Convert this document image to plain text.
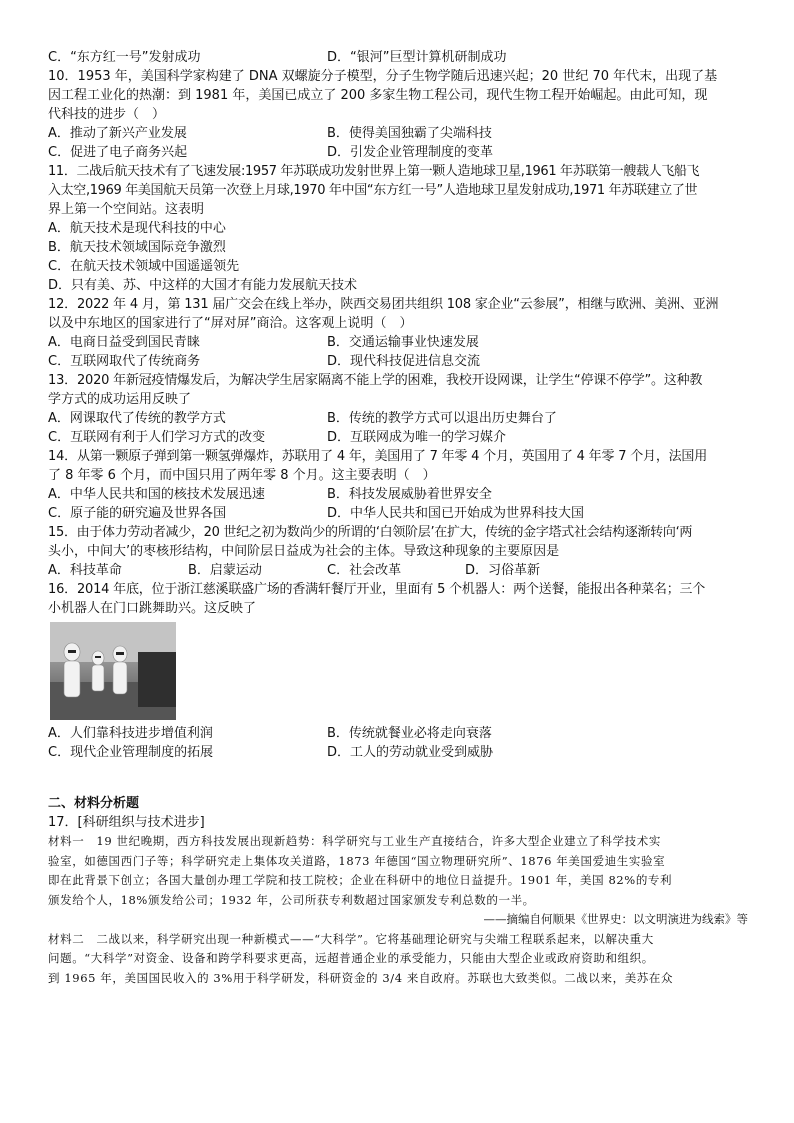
C．“东方红一号”发射成功	D．“银河”巨型计算机研制成功
10．1953 年，美国科学家构建了 DNA 双螺旋分子模型，分子生物学随后迅速兴起；20 世纪 70 年代末，出现了基
因工程工业化的热潮：到 1981 年，美国已成立了 200 多家生物工程公司，现代生物工程开始崛起。由此可知，现
代科技的进步（　）
A．推动了新兴产业发展	B．使得美国独霸了尖端科技
C．促进了电子商务兴起	D．引发企业管理制度的变革
11．二战后航天技术有了飞速发展:1957 年苏联成功发射世界上第一颗人造地球卫星,1961 年苏联第一艘载人飞船飞
入太空,1969 年美国航天员第一次登上月球,1970 年中国“东方红一号”人造地球卫星发射成功,1971 年苏联建立了世
界上第一个空间站。这表明
A．航天技术是现代科技的中心
B．航天技术领域国际竞争激烈
C．在航天技术领域中国遥遥领先
D．只有美、苏、中这样的大国才有能力发展航天技术
12．2022 年 4 月，第 131 届广交会在线上举办，陕西交易团共组织 108 家企业“云参展”，相继与欧洲、美洲、亚洲
以及中东地区的国家进行了“屏对屏”商洽。这客观上说明（　）
A．电商日益受到国民青睐	B．交通运输事业快速发展
C．互联网取代了传统商务	D．现代科技促进信息交流
13．2020 年新冠疫情爆发后，为解决学生居家隔离不能上学的困难，我校开设网课，让学生“停课不停学”。这种教
学方式的成功运用反映了
A．网课取代了传统的教学方式	B．传统的教学方式可以退出历史舞台了
C．互联网有利于人们学习方式的改变	D．互联网成为唯一的学习媒介
14．从第一颗原子弹到第一颗氢弹爆炸，苏联用了 4 年，美国用了 7 年零 4 个月，英国用了 4 年零 7 个月，法国用
了 8 年零 6 个月，而中国只用了两年零 8 个月。这主要表明（　）
A．中华人民共和国的核技术发展迅速	B．科技发展威胁着世界安全
C．原子能的研究遍及世界各国	D．中华人民共和国已开始成为世界科技大国
15．由于体力劳动者减少，20 世纪之初为数尚少的所谓的‘白领阶层’在扩大，传统的金字塔式社会结构逐渐转向‘两
头小，中间大’的枣核形结构，中间阶层日益成为社会的主体。导致这种现象的主要原因是
A．科技革命	B．启蒙运动	C．社会改革	D．习俗革新
16．2014 年底，位于浙江慈溪联盛广场的香满轩餐厅开业，里面有 5 个机器人：两个送餐，能报出各种菜名；三个
小机器人在门口跳舞助兴。这反映了
A．人们靠科技进步增值利润	B．传统就餐业必将走向衰落
C．现代企业管理制度的拓展	D．工人的劳动就业受到威胁
二、材料分析题
17．[科研组织与技术进步]
材料一　19 世纪晚期，西方科技发展出现新趋势：科学研究与工业生产直接结合，许多大型企业建立了科学技术实
验室，如德国西门子等；科学研究走上集体攻关道路，1873 年德国“国立物理研究所”、1876 年美国爱迪生实验室
即在此背景下创立；各国大量创办理工学院和技工院校；企业在科研中的地位日益提升。1901 年，美国 82%的专利
颁发给个人，18%颁发给公司；1932 年，公司所获专利数超过国家颁发专利总数的一半。
——摘编自何顺果《世界史：以文明演进为线索》等
材料二　二战以来，科学研究出现一种新模式——“大科学”。它将基础理论研究与尖端工程联系起来，以解决重大
问题。“大科学”对资金、设备和跨学科要求更高，远超普通企业的承受能力，只能由大型企业或政府资助和组织。
到 1965 年，美国国民收入的 3%用于科学研发，科研资金的 3/4 来自政府。苏联也大致类似。二战以来，美苏在众
